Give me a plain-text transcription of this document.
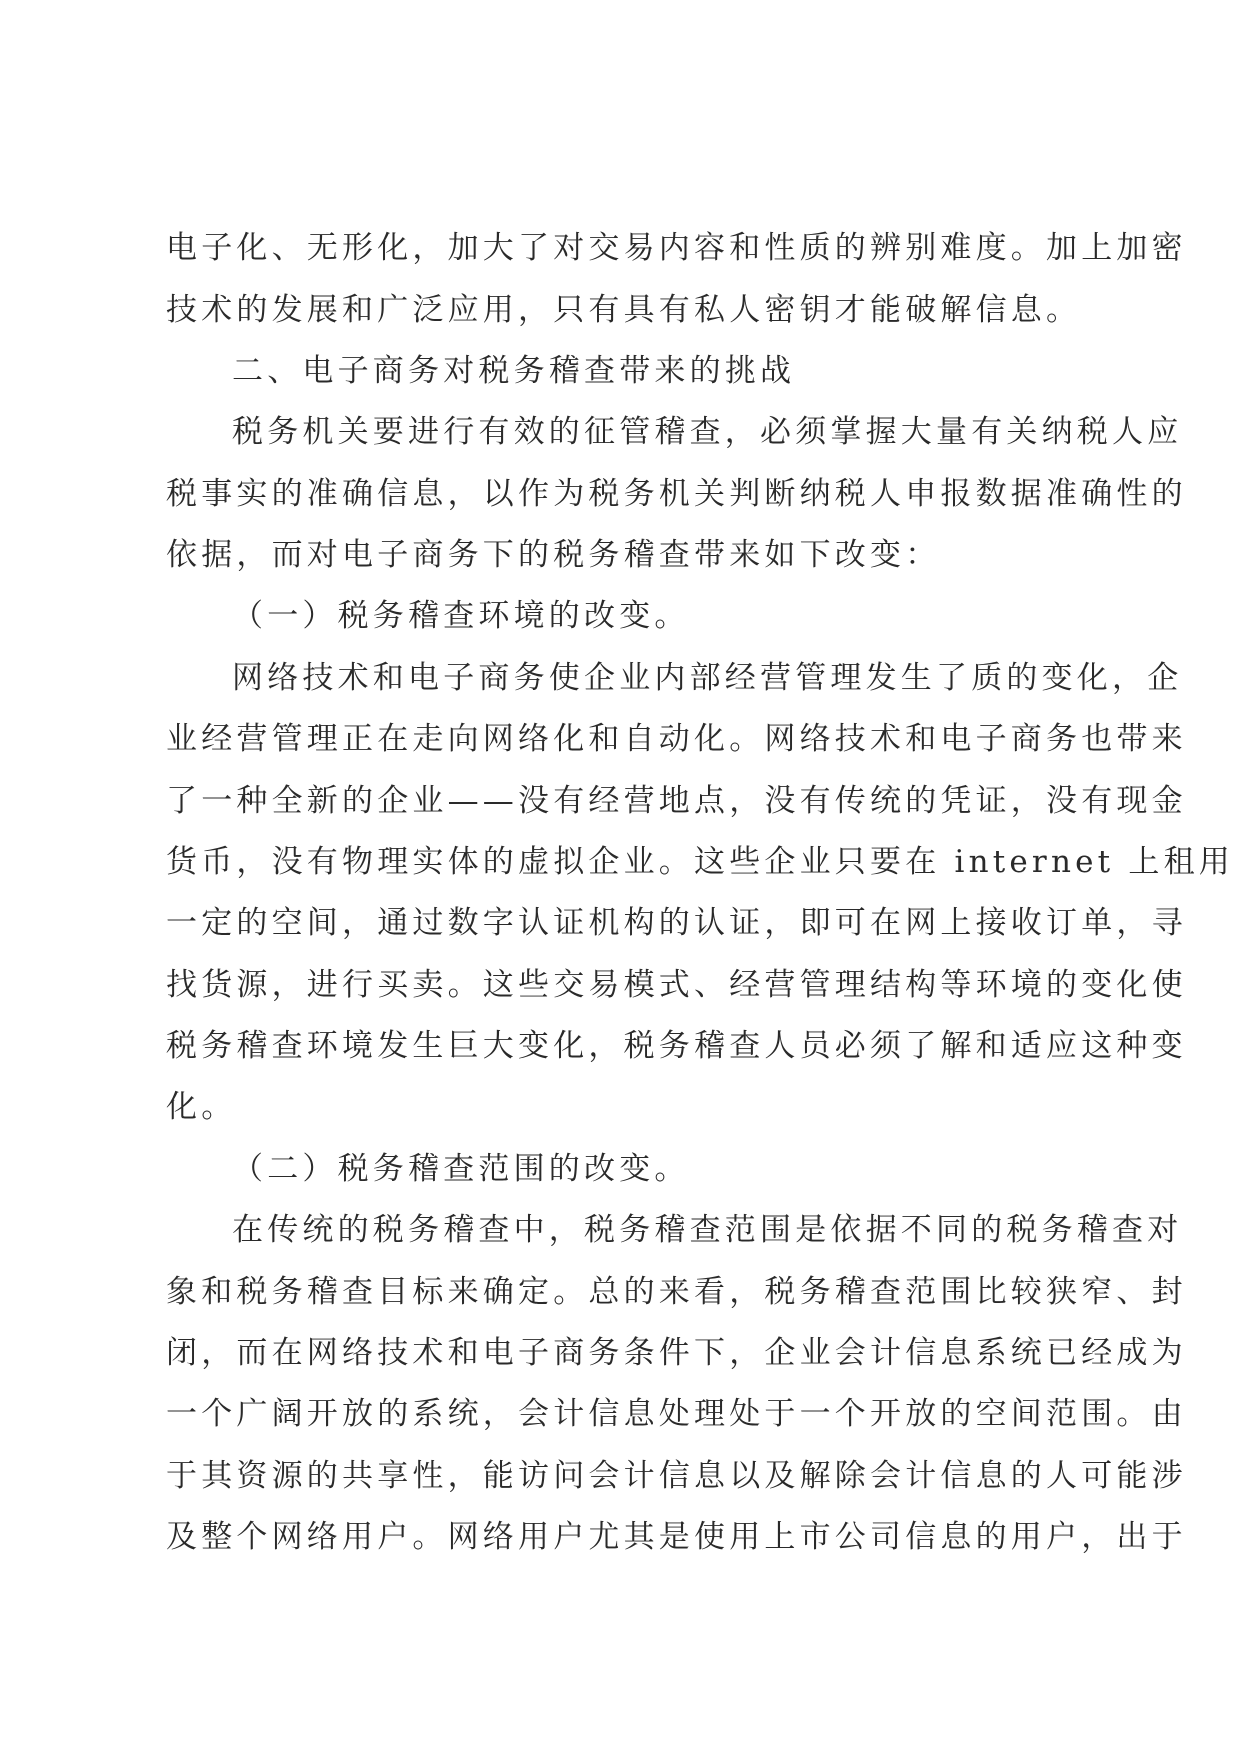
电子化、无形化，加大了对交易内容和性质的辨别难度。加上加密
技术的发展和广泛应用，只有具有私人密钥才能破解信息。
二、电子商务对税务稽查带来的挑战
税务机关要进行有效的征管稽查，必须掌握大量有关纳税人应
税事实的准确信息，以作为税务机关判断纳税人申报数据准确性的
依据，而对电子商务下的税务稽查带来如下改变：
（一）税务稽查环境的改变。
网络技术和电子商务使企业内部经营管理发生了质的变化，企
业经营管理正在走向网络化和自动化。网络技术和电子商务也带来
了一种全新的企业——没有经营地点，没有传统的凭证，没有现金
货币，没有物理实体的虚拟企业。这些企业只要在 internet 上租用
一定的空间，通过数字认证机构的认证，即可在网上接收订单，寻
找货源，进行买卖。这些交易模式、经营管理结构等环境的变化使
税务稽查环境发生巨大变化，税务稽查人员必须了解和适应这种变
化。
（二）税务稽查范围的改变。
在传统的税务稽查中，税务稽查范围是依据不同的税务稽查对
象和税务稽查目标来确定。总的来看，税务稽查范围比较狭窄、封
闭，而在网络技术和电子商务条件下，企业会计信息系统已经成为
一个广阔开放的系统，会计信息处理处于一个开放的空间范围。由
于其资源的共享性，能访问会计信息以及解除会计信息的人可能涉
及整个网络用户。网络用户尤其是使用上市公司信息的用户，出于
